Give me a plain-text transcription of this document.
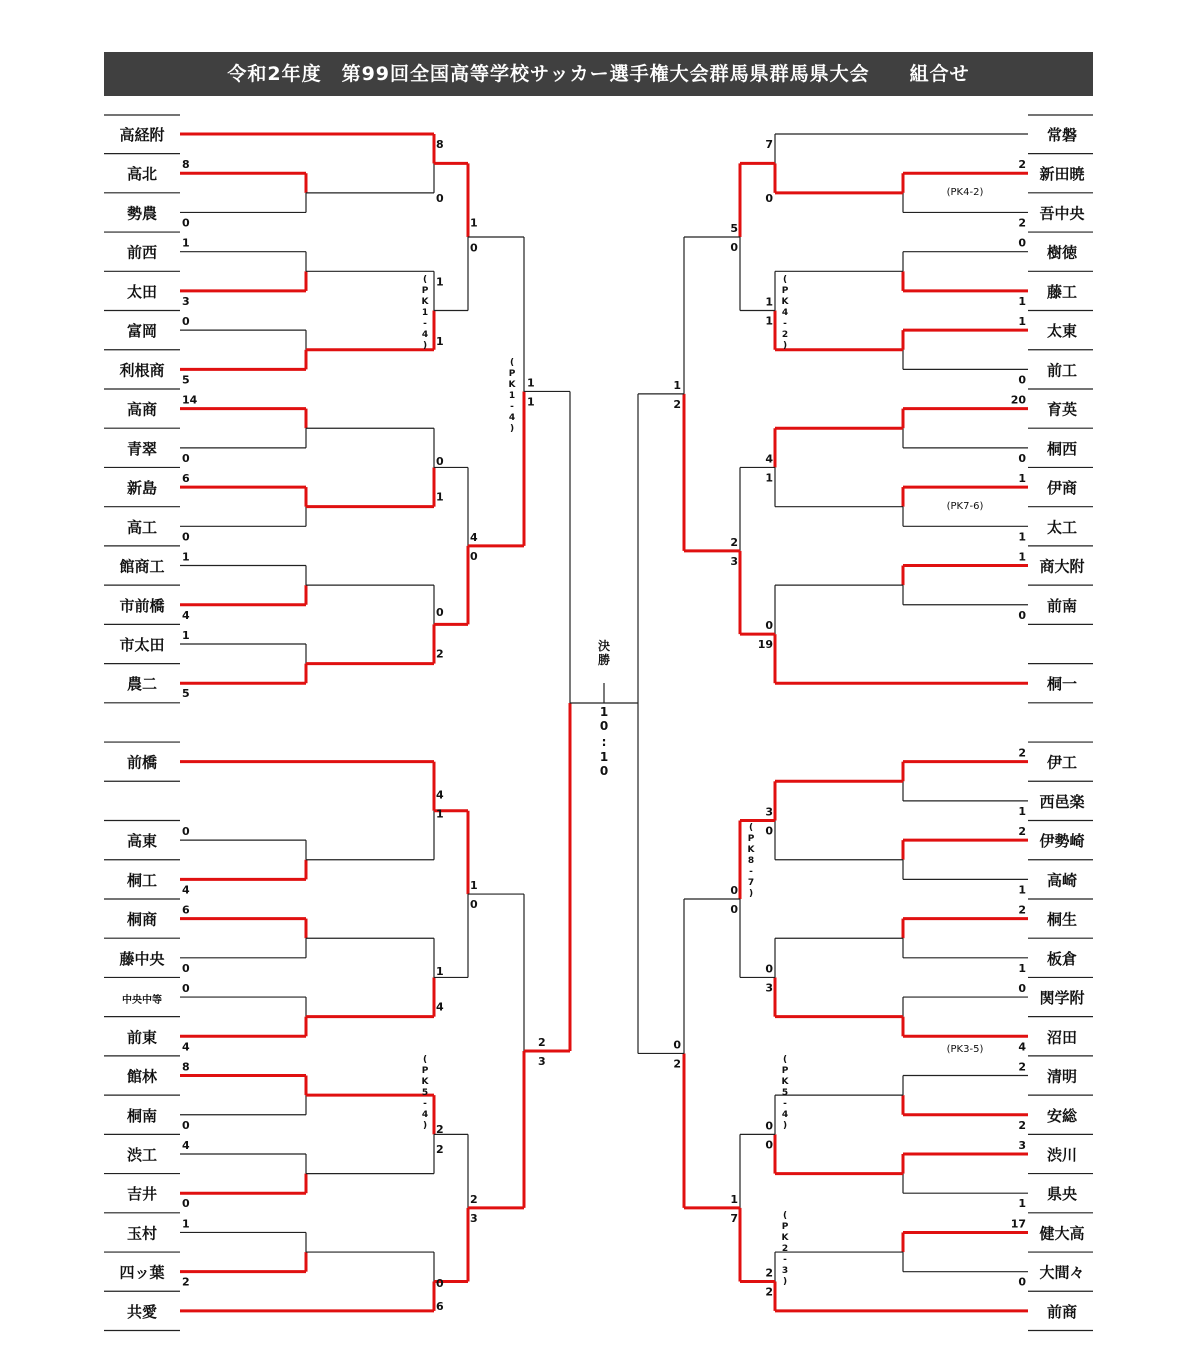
令和2年度　第99回全国高等学校サッカー選手権大会群馬県群馬県大会　　組合せ
高経附
高北
勢農
前西
太田
富岡
利根商
高商
青翠
新島
高工
館商工
市前橋
市太田
農二
前橋
高東
桐工
桐商
藤中央
中央中等
前東
館林
桐南
渋工
吉井
玉村
四ッ葉
共愛
常磐
新田暁
吾中央
樹徳
藤工
太東
前工
育英
桐西
伊商
太工
商大附
前南
桐一
伊工
西邑楽
伊勢崎
高崎
桐生
板倉
関学附
沼田
清明
安総
渋川
県央
健大高
大間々
前商
8
0
1
3
0
5
14
0
6
0
1
4
1
5
0
4
6
0
0
4
8
0
4
0
1
2
8
0
1
1
0
1
0
2
4
1
1
4
2
2
0
6
1
0
4
0
1
0
2
3
1
1
2
3
2
2
0
1
1
0
20
0
1
1
1
0
2
1
2
1
2
1
0
4
2
2
3
1
17
0
7
0
1
1
4
1
0
19
3
0
0
3
0
0
2
2
5
0
2
3
0
0
1
7
1
2
0
2
決
勝
1
0
:
1
0
(PK4-2)
(PK7-6)
(PK3-5)
(
P
K
1
-
4
)
(
P
K
1
-
4
)
(
P
K
5
-
4
)
(
P
K
4
-
2
)
(
P
K
8
-
7
)
(
P
K
5
-
4
)
(
P
K
2
-
3
)
